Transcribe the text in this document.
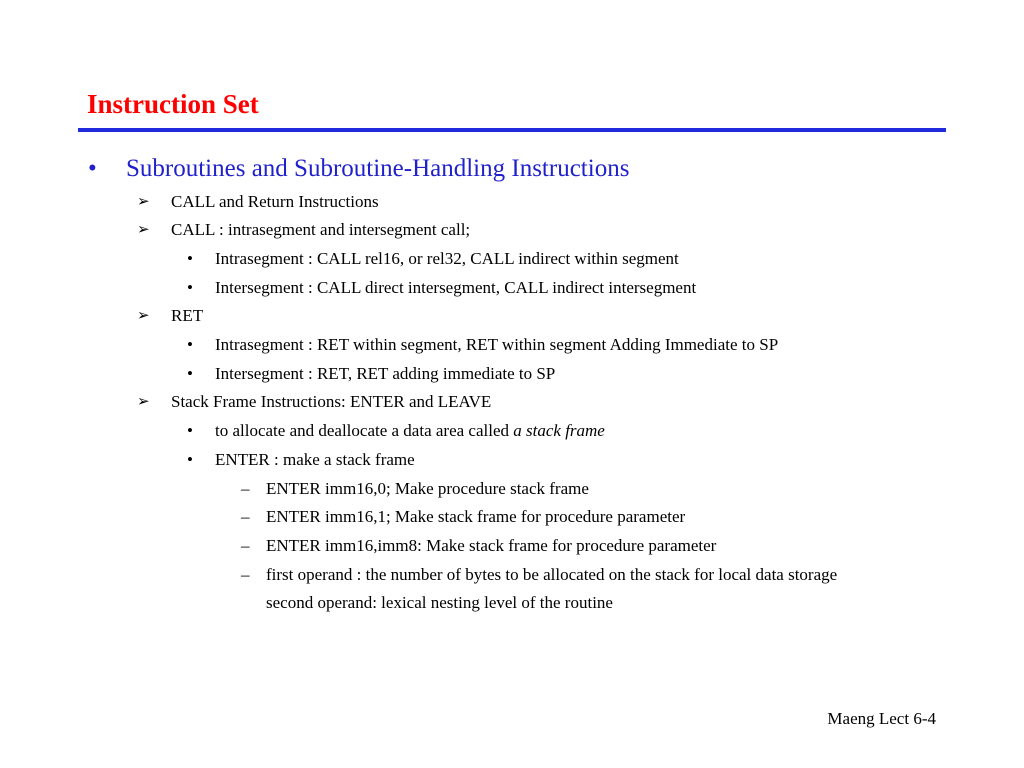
Instruction Set
• Subroutines and Subroutine-Handling Instructions
➢ CALL and Return Instructions
➢ CALL : intrasegment and intersegment call;
• Intrasegment : CALL rel16, or rel32, CALL indirect within segment
• Intersegment : CALL direct intersegment, CALL indirect intersegment
➢ RET
• Intrasegment : RET within segment, RET within segment Adding Immediate to SP
• Intersegment : RET, RET adding immediate to SP
➢ Stack Frame Instructions: ENTER and LEAVE
• to allocate and deallocate a data area called a stack frame
• ENTER : make a stack frame
– ENTER imm16,0; Make procedure stack frame
– ENTER imm16,1; Make stack frame for procedure parameter
– ENTER imm16,imm8: Make stack frame for procedure parameter
– first operand : the number of bytes to be allocated on the stack for local data storage
second operand: lexical nesting level of the routine
Maeng Lect 6-4
